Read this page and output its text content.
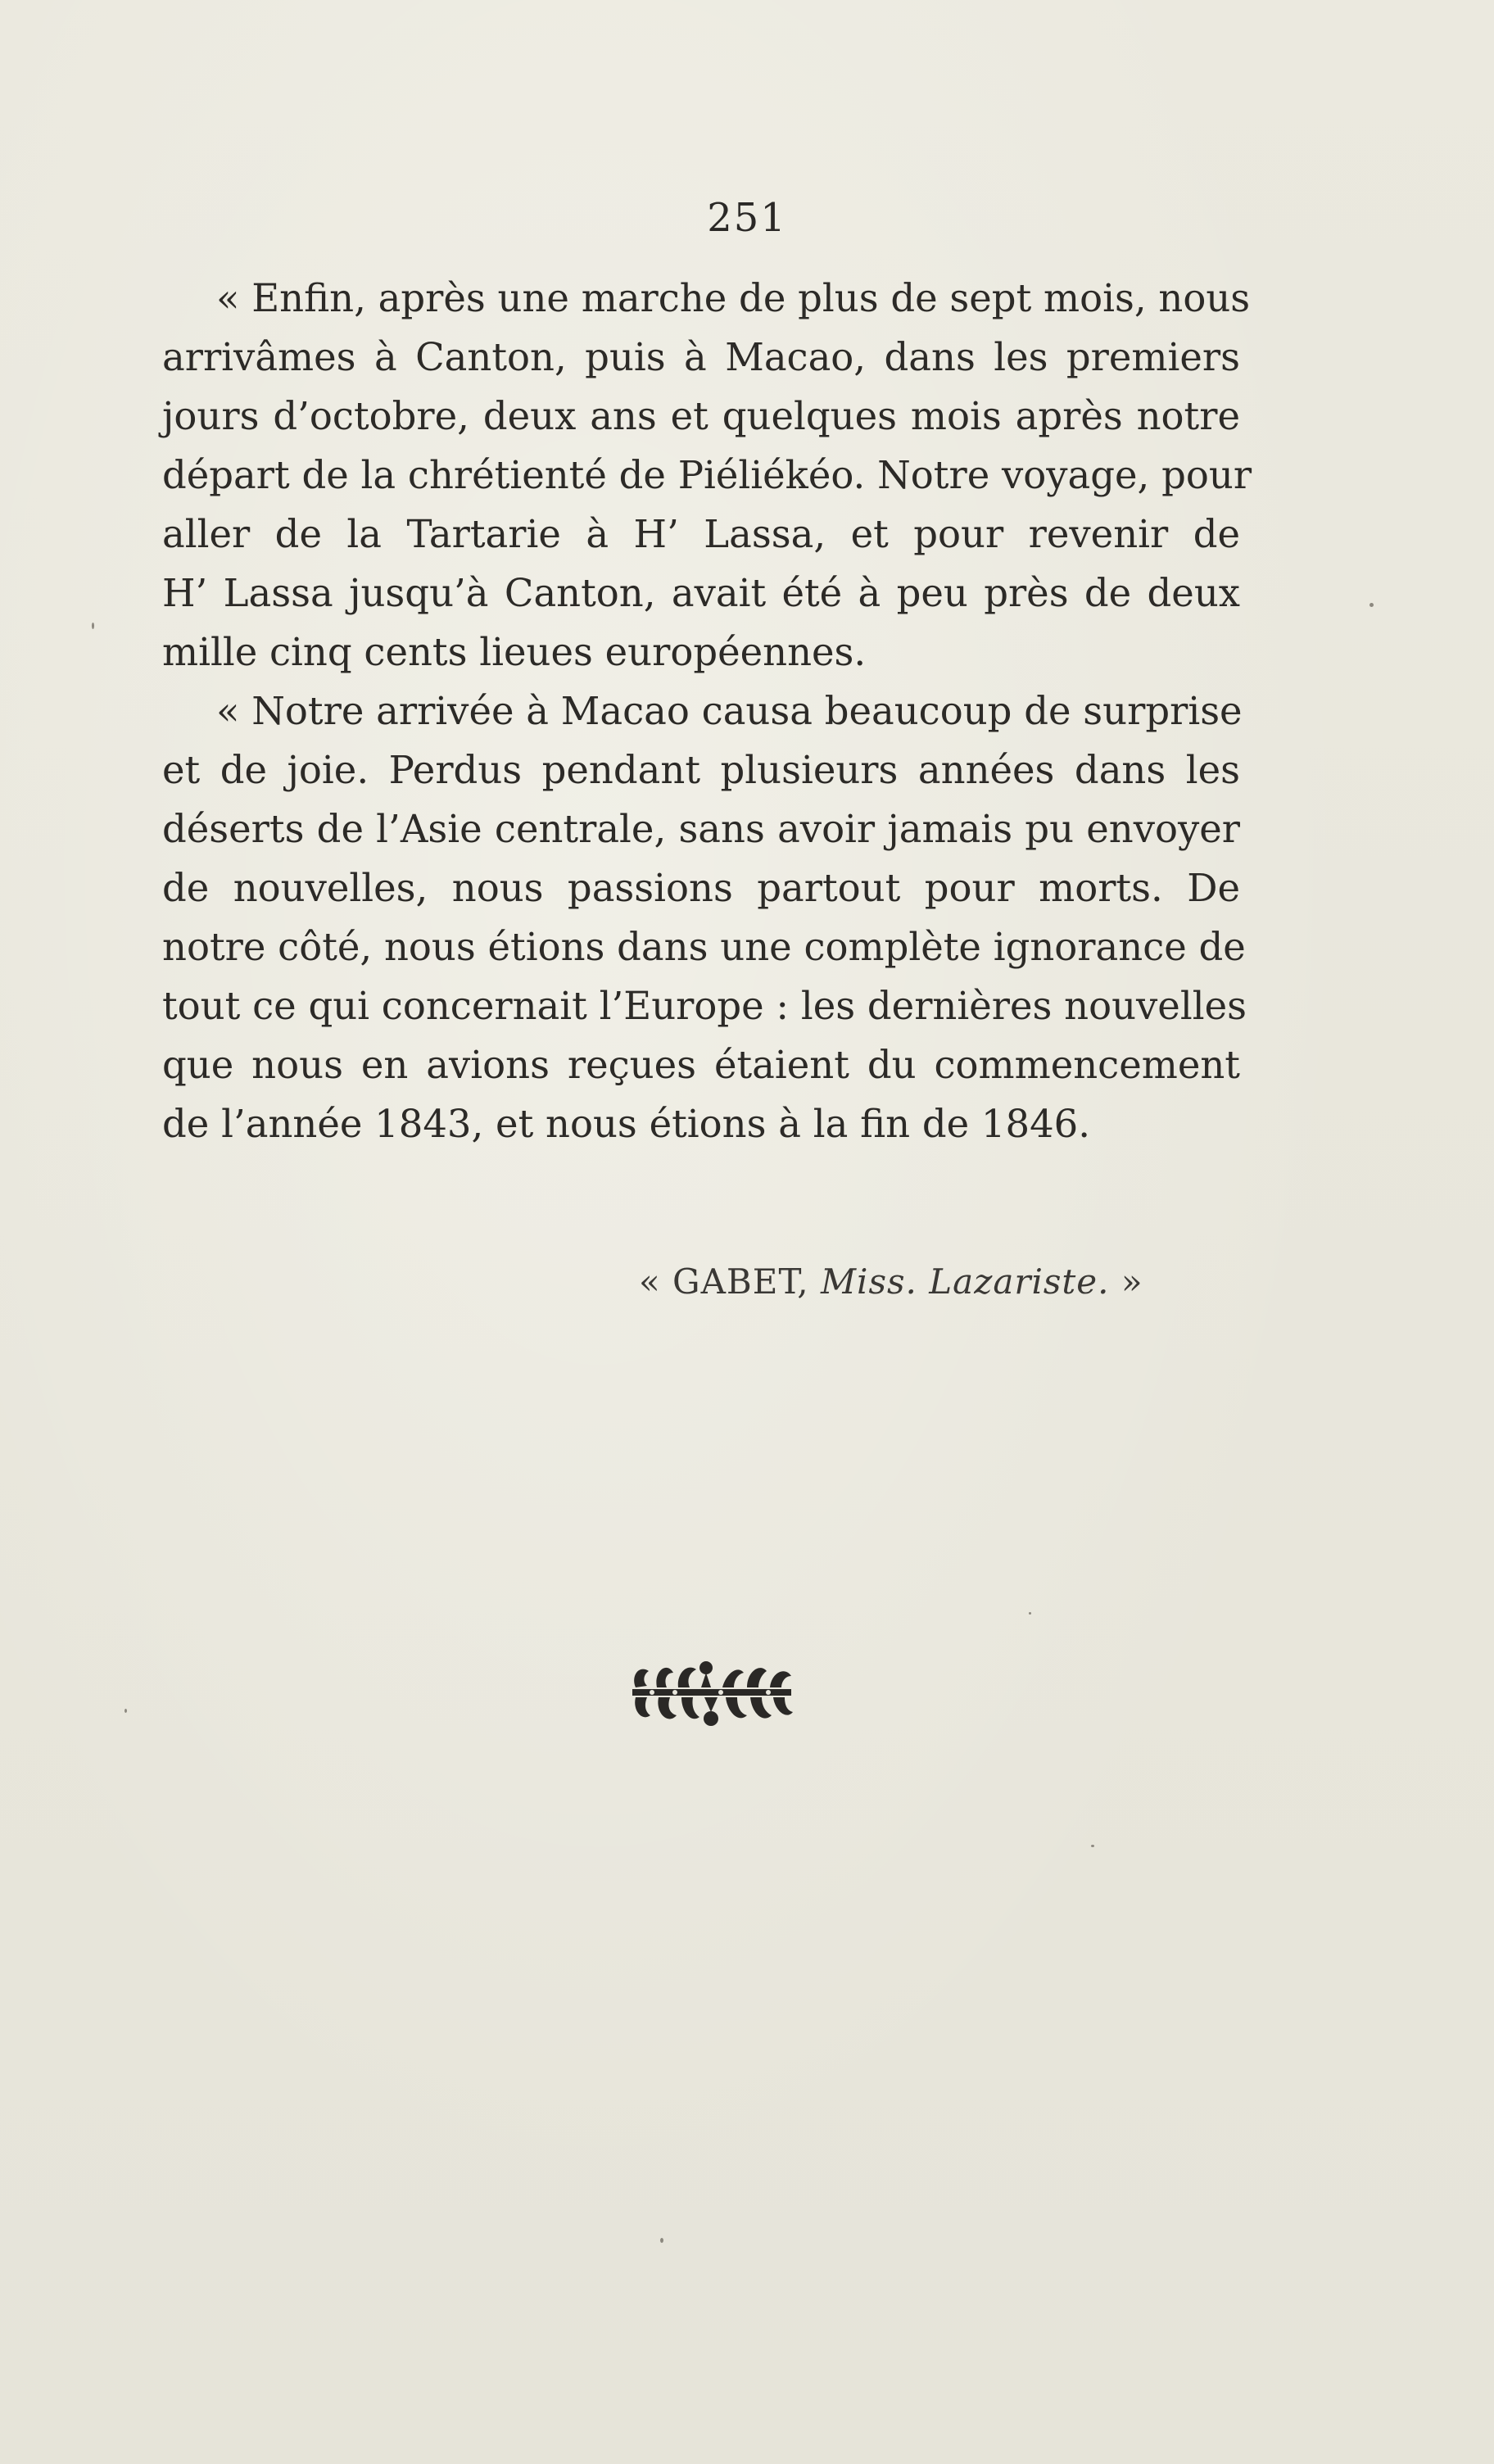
251
« Enfin, après une marche de plus de sept mois, nous
arrivâmes à Canton, puis à Macao, dans les premiers
jours d’octobre, deux ans et quelques mois après notre
départ de la chrétienté de Piéliékéo. Notre voyage, pour
aller de la Tartarie à H’ Lassa, et pour revenir de
H’ Lassa jusqu’à Canton, avait été à peu près de deux
mille cinq cents lieues européennes.
« Notre arrivée à Macao causa beaucoup de surprise
et de joie. Perdus pendant plusieurs années dans les
déserts de l’Asie centrale, sans avoir jamais pu envoyer
de nouvelles, nous passions partout pour morts. De
notre côté, nous étions dans une complète ignorance de
tout ce qui concernait l’Europe : les dernières nouvelles
que nous en avions reçues étaient du commencement
de l’année 1843, et nous étions à la fin de 1846.
« GABET, Miss. Lazariste. »
